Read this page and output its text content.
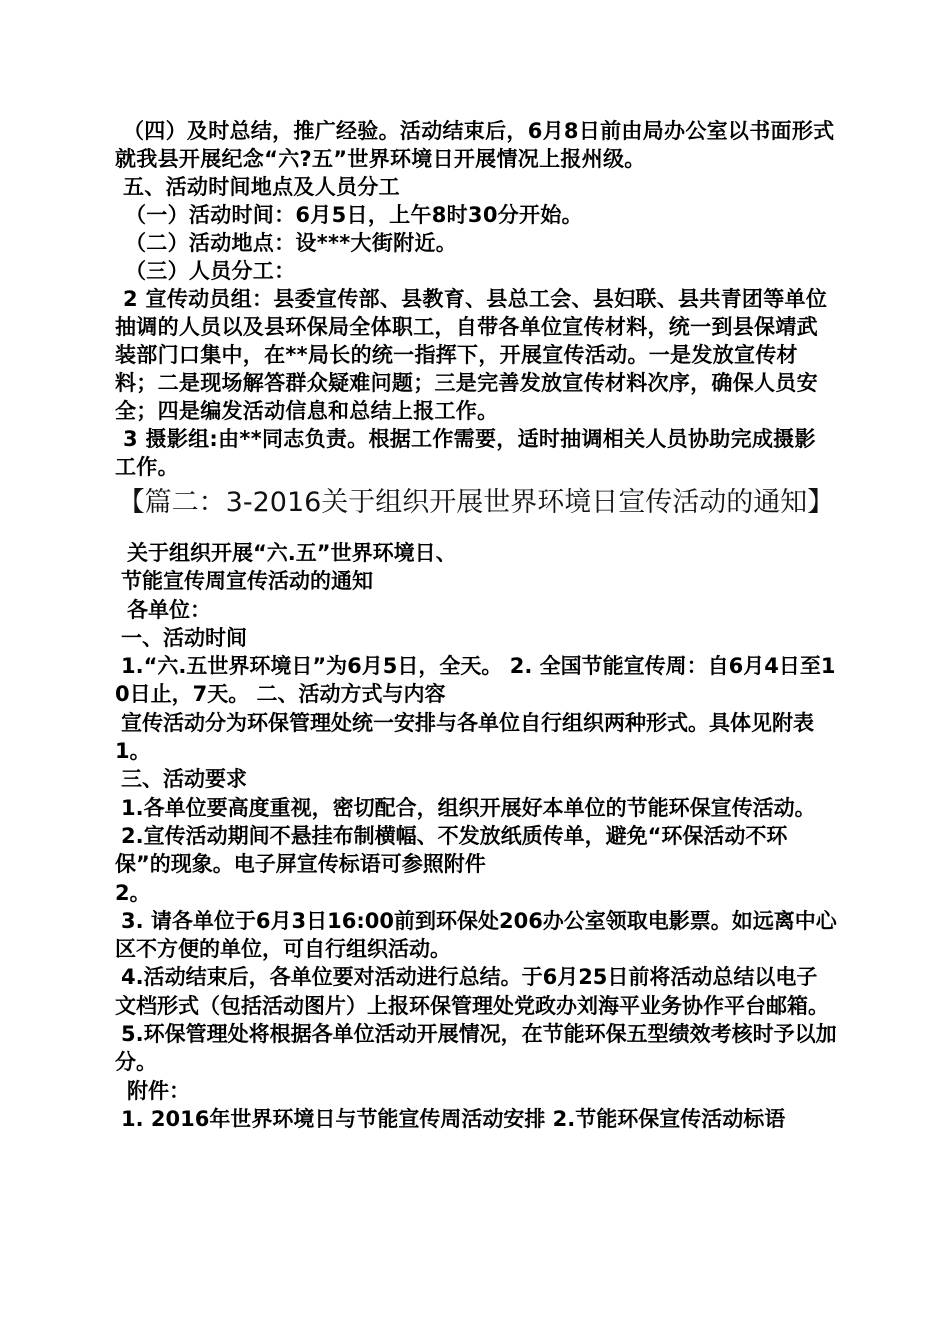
（四）及时总结，推广经验。活动结束后，6月8日前由局办公室以书面形式就我县开展纪念“六?五”世界环境日开展情况上报州级。

五、活动时间地点及人员分工

（一）活动时间：6月5日，上午8时30分开始。

（二）活动地点：设***大街附近。

（三）人员分工：

2 宣传动员组：县委宣传部、县教育、县总工会、县妇联、县共青团等单位抽调的人员以及县环保局全体职工，自带各单位宣传材料，统一到县保靖武装部门口集中，在**局长的统一指挥下，开展宣传活动。一是发放宣传材料；二是现场解答群众疑难问题；三是完善发放宣传材料次序，确保人员安全；四是编发活动信息和总结上报工作。

3 摄影组:由**同志负责。根据工作需要，适时抽调相关人员协助完成摄影工作。

【篇二：3-2016关于组织开展世界环境日宣传活动的通知】

关于组织开展“六.五”世界环境日、

节能宣传周宣传活动的通知

各单位：

一、活动时间

1.“六.五世界环境日”为6月5日，全天。 2. 全国节能宣传周：自6月4日至10日止，7天。 二、活动方式与内容

宣传活动分为环保管理处统一安排与各单位自行组织两种形式。具体见附表1。

三、活动要求

1.各单位要高度重视，密切配合，组织开展好本单位的节能环保宣传活动。

2.宣传活动期间不悬挂布制横幅、不发放纸质传单，避免“环保活动不环保”的现象。电子屏宣传标语可参照附件

2。

3. 请各单位于6月3日16:00前到环保处206办公室领取电影票。如远离中心区不方便的单位，可自行组织活动。

4.活动结束后，各单位要对活动进行总结。于6月25日前将活动总结以电子文档形式（包括活动图片）上报环保管理处党政办刘海平业务协作平台邮箱。

5.环保管理处将根据各单位活动开展情况，在节能环保五型绩效考核时予以加分。

附件：

1. 2016年世界环境日与节能宣传周活动安排 2.节能环保宣传活动标语
